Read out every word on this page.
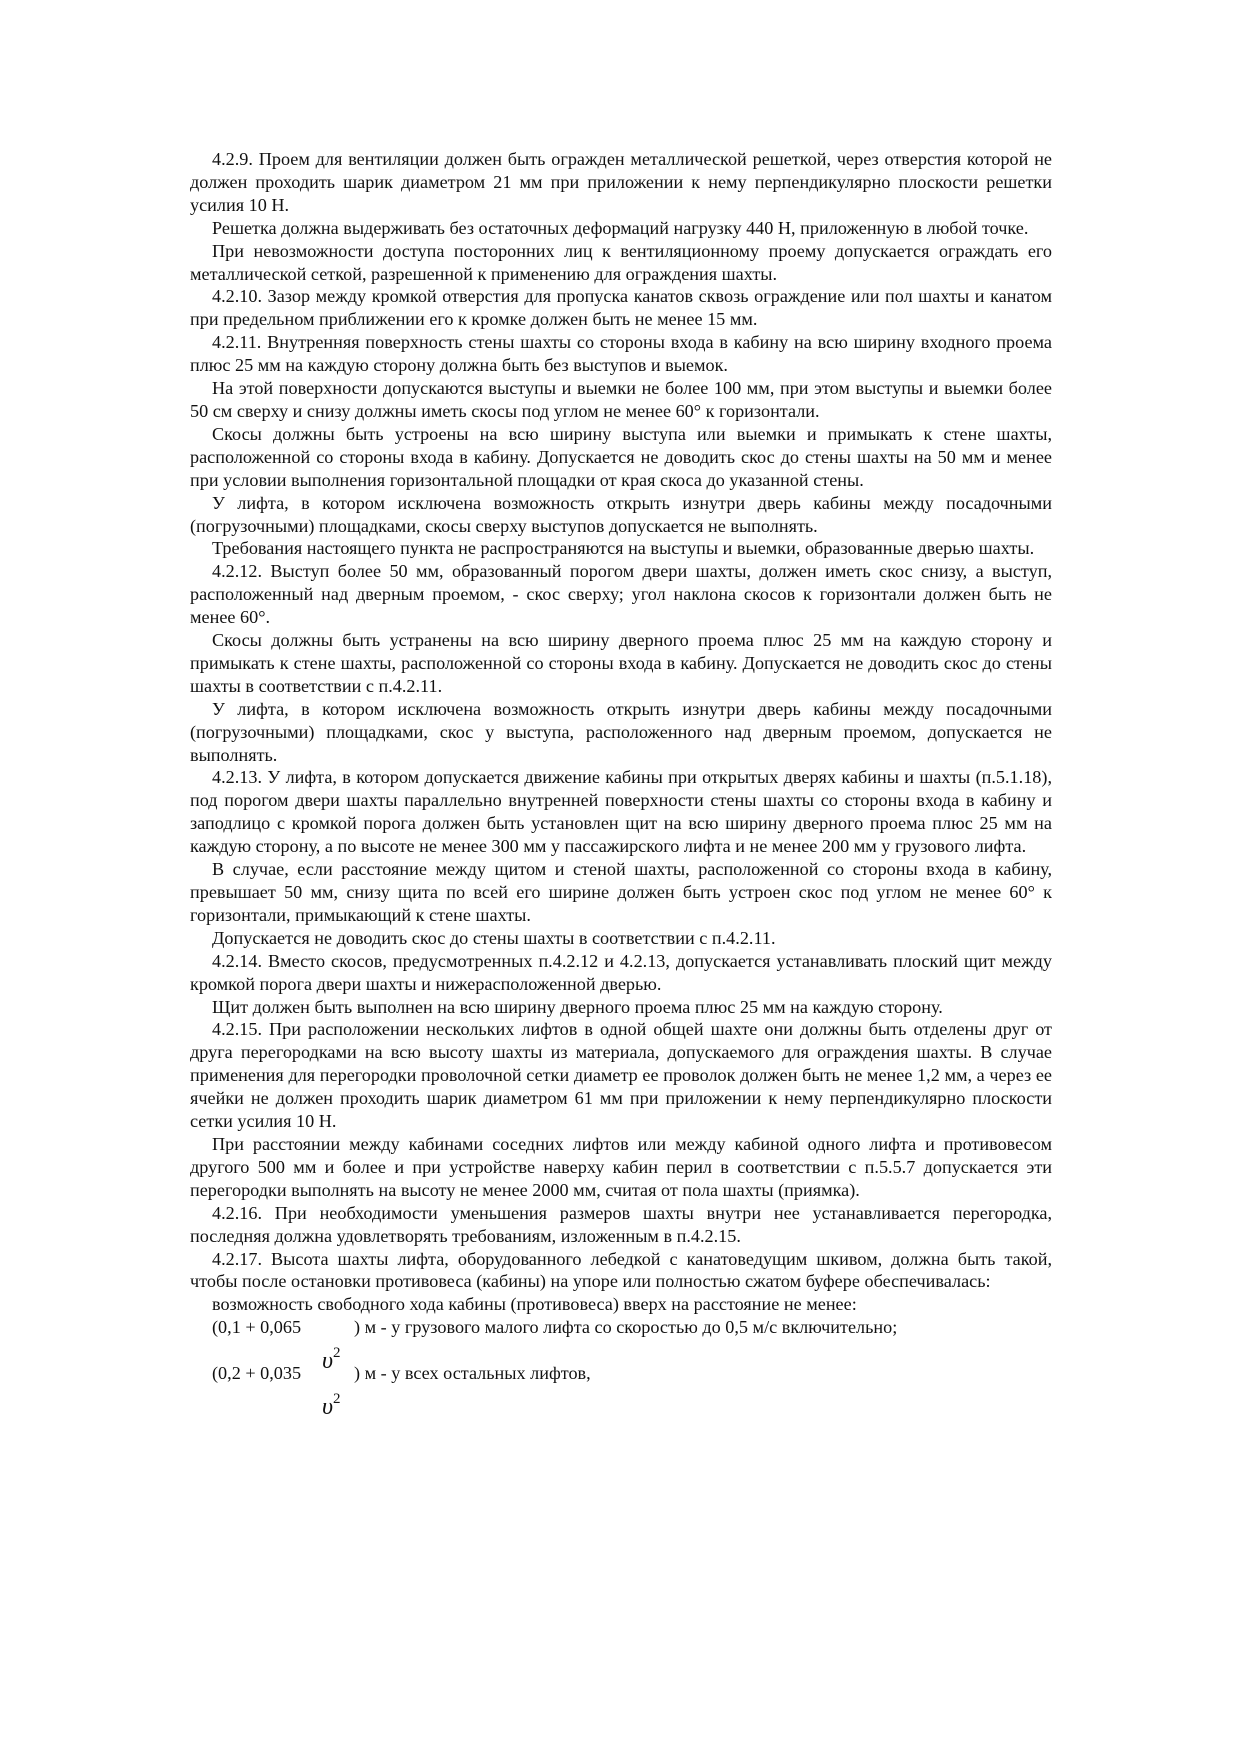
4.2.9. Проем для вентиляции должен быть огражден металлической решеткой, через отверстия которой не должен проходить шарик диаметром 21 мм при приложении к нему перпендикулярно плоскости решетки усилия 10 Н.

Решетка должна выдерживать без остаточных деформаций нагрузку 440 Н, приложенную в любой точке.

При невозможности доступа посторонних лиц к вентиляционному проему допускается ограждать его металлической сеткой, разрешенной к применению для ограждения шахты.

4.2.10. Зазор между кромкой отверстия для пропуска канатов сквозь ограждение или пол шахты и канатом при предельном приближении его к кромке должен быть не менее 15 мм.

4.2.11. Внутренняя поверхность стены шахты со стороны входа в кабину на всю ширину входного проема плюс 25 мм на каждую сторону должна быть без выступов и выемок.

На этой поверхности допускаются выступы и выемки не более 100 мм, при этом выступы и выемки более 50 см сверху и снизу должны иметь скосы под углом не менее 60° к горизонтали.

Скосы должны быть устроены на всю ширину выступа или выемки и примыкать к стене шахты, расположенной со стороны входа в кабину. Допускается не доводить скос до стены шахты на 50 мм и менее при условии выполнения горизонтальной площадки от края скоса до указанной стены.

У лифта, в котором исключена возможность открыть изнутри дверь кабины между посадочными (погрузочными) площадками, скосы сверху выступов допускается не выполнять.

Требования настоящего пункта не распространяются на выступы и выемки, образованные дверью шахты.

4.2.12. Выступ более 50 мм, образованный порогом двери шахты, должен иметь скос снизу, а выступ, расположенный над дверным проемом, - скос сверху; угол наклона скосов к горизонтали должен быть не менее 60°.

Скосы должны быть устранены на всю ширину дверного проема плюс 25 мм на каждую сторону и примыкать к стене шахты, расположенной со стороны входа в кабину. Допускается не доводить скос до стены шахты в соответствии с п.4.2.11.

У лифта, в котором исключена возможность открыть изнутри дверь кабины между посадочными (погрузочными) площадками, скос у выступа, расположенного над дверным проемом, допускается не выполнять.

4.2.13. У лифта, в котором допускается движение кабины при открытых дверях кабины и шахты (п.5.1.18), под порогом двери шахты параллельно внутренней поверхности стены шахты со стороны входа в кабину и заподлицо с кромкой порога должен быть установлен щит на всю ширину дверного проема плюс 25 мм на каждую сторону, а по высоте не менее 300 мм у пассажирского лифта и не менее 200 мм у грузового лифта.

В случае, если расстояние между щитом и стеной шахты, расположенной со стороны входа в кабину, превышает 50 мм, снизу щита по всей его ширине должен быть устроен скос под углом не менее 60° к горизонтали, примыкающий к стене шахты.

Допускается не доводить скос до стены шахты в соответствии с п.4.2.11.

4.2.14. Вместо скосов, предусмотренных п.4.2.12 и 4.2.13, допускается устанавливать плоский щит между кромкой порога двери шахты и нижерасположенной дверью.

Щит должен быть выполнен на всю ширину дверного проема плюс 25 мм на каждую сторону.

4.2.15. При расположении нескольких лифтов в одной общей шахте они должны быть отделены друг от друга перегородками на всю высоту шахты из материала, допускаемого для ограждения шахты. В случае применения для перегородки проволочной сетки диаметр ее проволок должен быть не менее 1,2 мм, а через ее ячейки не должен проходить шарик диаметром 61 мм при приложении к нему перпендикулярно плоскости сетки усилия 10 Н.

При расстоянии между кабинами соседних лифтов или между кабиной одного лифта и противовесом другого 500 мм и более и при устройстве наверху кабин перил в соответствии с п.5.5.7 допускается эти перегородки выполнять на высоту не менее 2000 мм, считая от пола шахты (приямка).

4.2.16. При необходимости уменьшения размеров шахты внутри нее устанавливается перегородка, последняя должна удовлетворять требованиям, изложенным в п.4.2.15.

4.2.17. Высота шахты лифта, оборудованного лебедкой с канатоведущим шкивом, должна быть такой, чтобы после остановки противовеса (кабины) на упоре или полностью сжатом буфере обеспечивалась:

возможность свободного хода кабины (противовеса) вверх на расстояние не менее:

(0,1 + 0,065	) м - у грузового малого лифта со скоростью до 0,5 м/с включительно;
$\upsilon^2$
(0,2 + 0,035	) м - у всех остальных лифтов,
$\upsilon^2$
